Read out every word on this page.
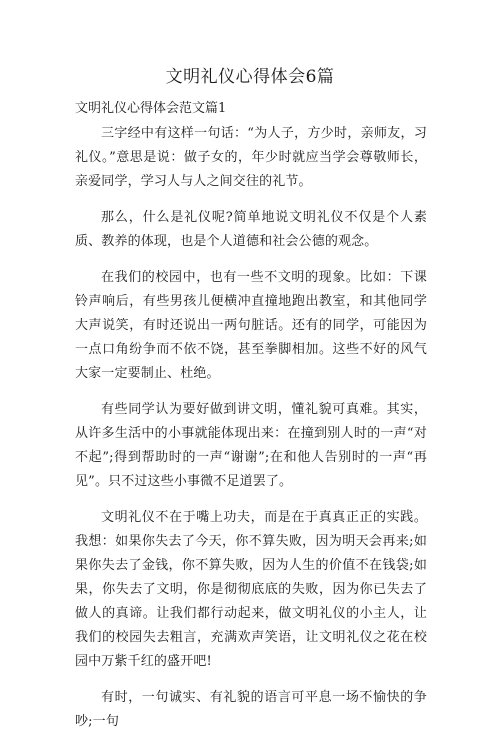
文明礼仪心得体会6篇
文明礼仪心得体会范文篇1

三字经中有这样一句话：“为人子，方少时，亲师友，习礼仪。”意思是说：做子女的，年少时就应当学会尊敬师长，亲爱同学，学习人与人之间交往的礼节。

那么，什么是礼仪呢?简单地说文明礼仪不仅是个人素质、教养的体现，也是个人道德和社会公德的观念。

在我们的校园中，也有一些不文明的现象。比如：下课铃声响后，有些男孩儿便横冲直撞地跑出教室，和其他同学大声说笑，有时还说出一两句脏话。还有的同学，可能因为一点口角纷争而不依不饶，甚至拳脚相加。这些不好的风气大家一定要制止、杜绝。

有些同学认为要好做到讲文明，懂礼貌可真难。其实，从许多生活中的小事就能体现出来：在撞到别人时的一声“对不起”;得到帮助时的一声“谢谢”;在和他人告别时的一声“再见”。只不过这些小事微不足道罢了。

文明礼仪不在于嘴上功夫，而是在于真真正正的实践。我想：如果你失去了今天，你不算失败，因为明天会再来;如果你失去了金钱，你不算失败，因为人生的价值不在钱袋;如果，你失去了文明，你是彻彻底底的失败，因为你已失去了做人的真谛。让我们都行动起来，做文明礼仪的小主人，让我们的校园失去粗言，充满欢声笑语，让文明礼仪之花在校园中万紫千红的盛开吧!

有时，一句诚实、有礼貌的语言可平息一场不愉快的争吵;一句
